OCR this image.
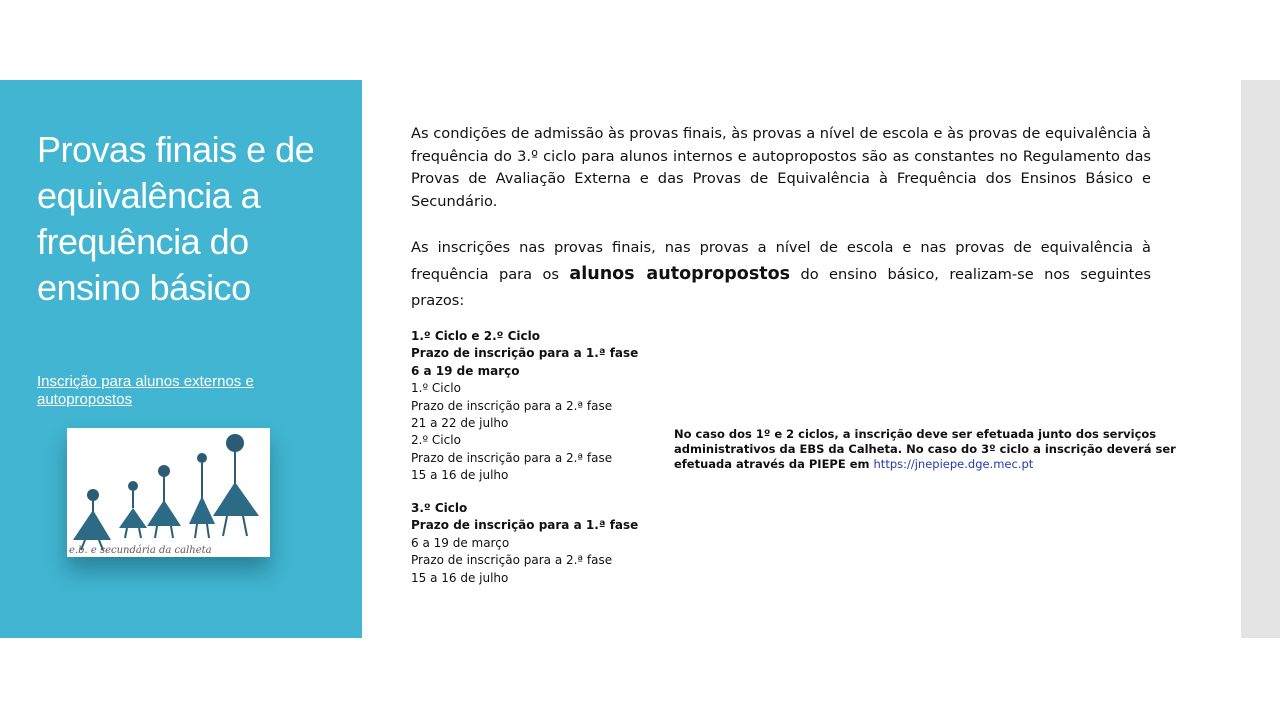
Provas finais e de equivalência a frequência do ensino básico
Inscrição para alunos externos e autopropostos
e.b. e secundária da calheta

As condições de admissão às provas finais, às provas a nível de escola e às provas de equivalência à frequência do 3.º ciclo para alunos internos e autopropostos são as constantes no Regulamento das Provas de Avaliação Externa e das Provas de Equivalência à Frequência dos Ensinos Básico e Secundário.

As inscrições nas provas finais, nas provas a nível de escola e nas provas de equivalência à frequência para os alunos autopropostos do ensino básico, realizam-se nos seguintes prazos:

1.º Ciclo e 2.º Ciclo
Prazo de inscrição para a 1.ª fase
6 a 19 de março
1.º Ciclo
Prazo de inscrição para a 2.ª fase
21 a 22 de julho
2.º Ciclo
Prazo de inscrição para a 2.ª fase
15 a 16 de julho
3.º Ciclo
Prazo de inscrição para a 1.ª fase
6 a 19 de março
Prazo de inscrição para a 2.ª fase
15 a 16 de julho
No caso dos 1º e 2 ciclos, a inscrição deve ser efetuada junto dos serviços administrativos da EBS da Calheta. No caso do 3º ciclo a inscrição deverá ser efetuada através da PIEPE em https://jnepiepe.dge.mec.pt
